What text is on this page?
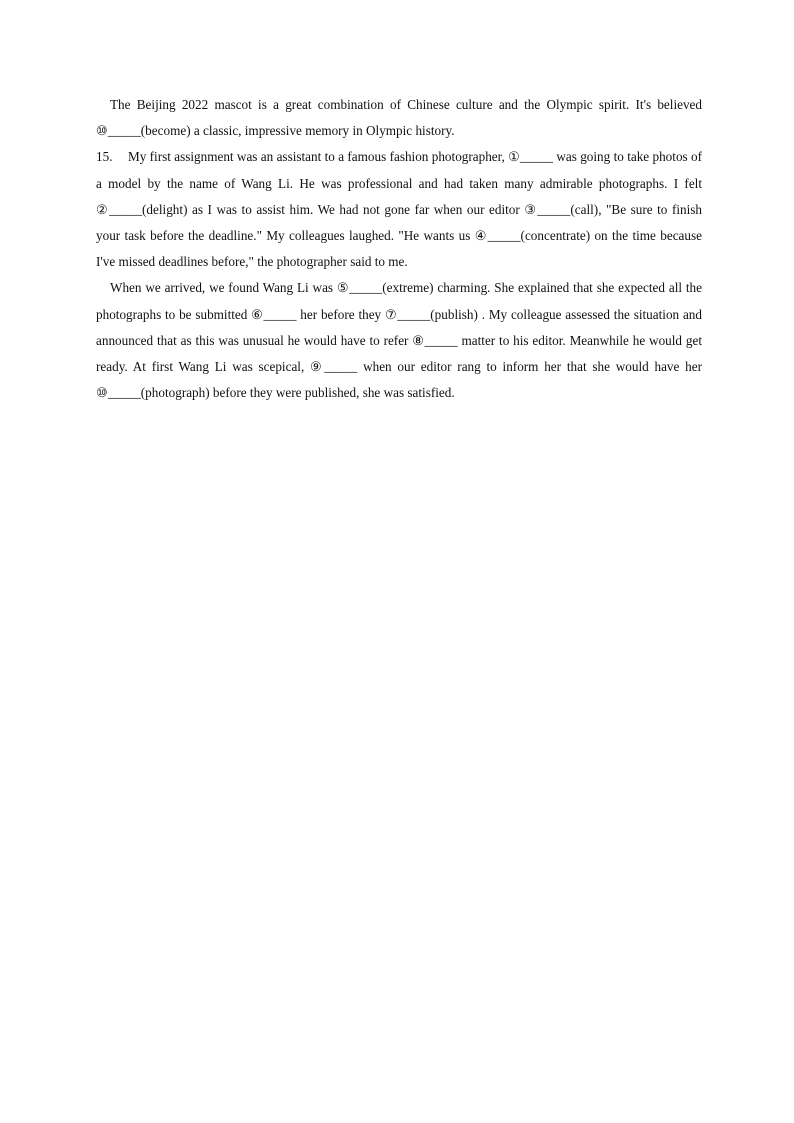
The Beijing 2022 mascot is a great combination of Chinese culture and the Olympic spirit. It's believed ⑩_____(become) a classic, impressive memory in Olympic history.

15. My first assignment was an assistant to a famous fashion photographer, ①_____ was going to take photos of a model by the name of Wang Li. He was professional and had taken many admirable photographs. I felt ②_____(delight) as I was to assist him. We had not gone far when our editor ③_____(call), "Be sure to finish your task before the deadline." My colleagues laughed. "He wants us ④_____(concentrate) on the time because I've missed deadlines before," the photographer said to me.

When we arrived, we found Wang Li was ⑤_____(extreme) charming. She explained that she expected all the photographs to be submitted ⑥_____ her before they ⑦_____(publish) . My colleague assessed the situation and announced that as this was unusual he would have to refer ⑧_____ matter to his editor. Meanwhile he would get ready. At first Wang Li was scepical, ⑨_____ when our editor rang to inform her that she would have her ⑩_____(photograph) before they were published, she was satisfied.
